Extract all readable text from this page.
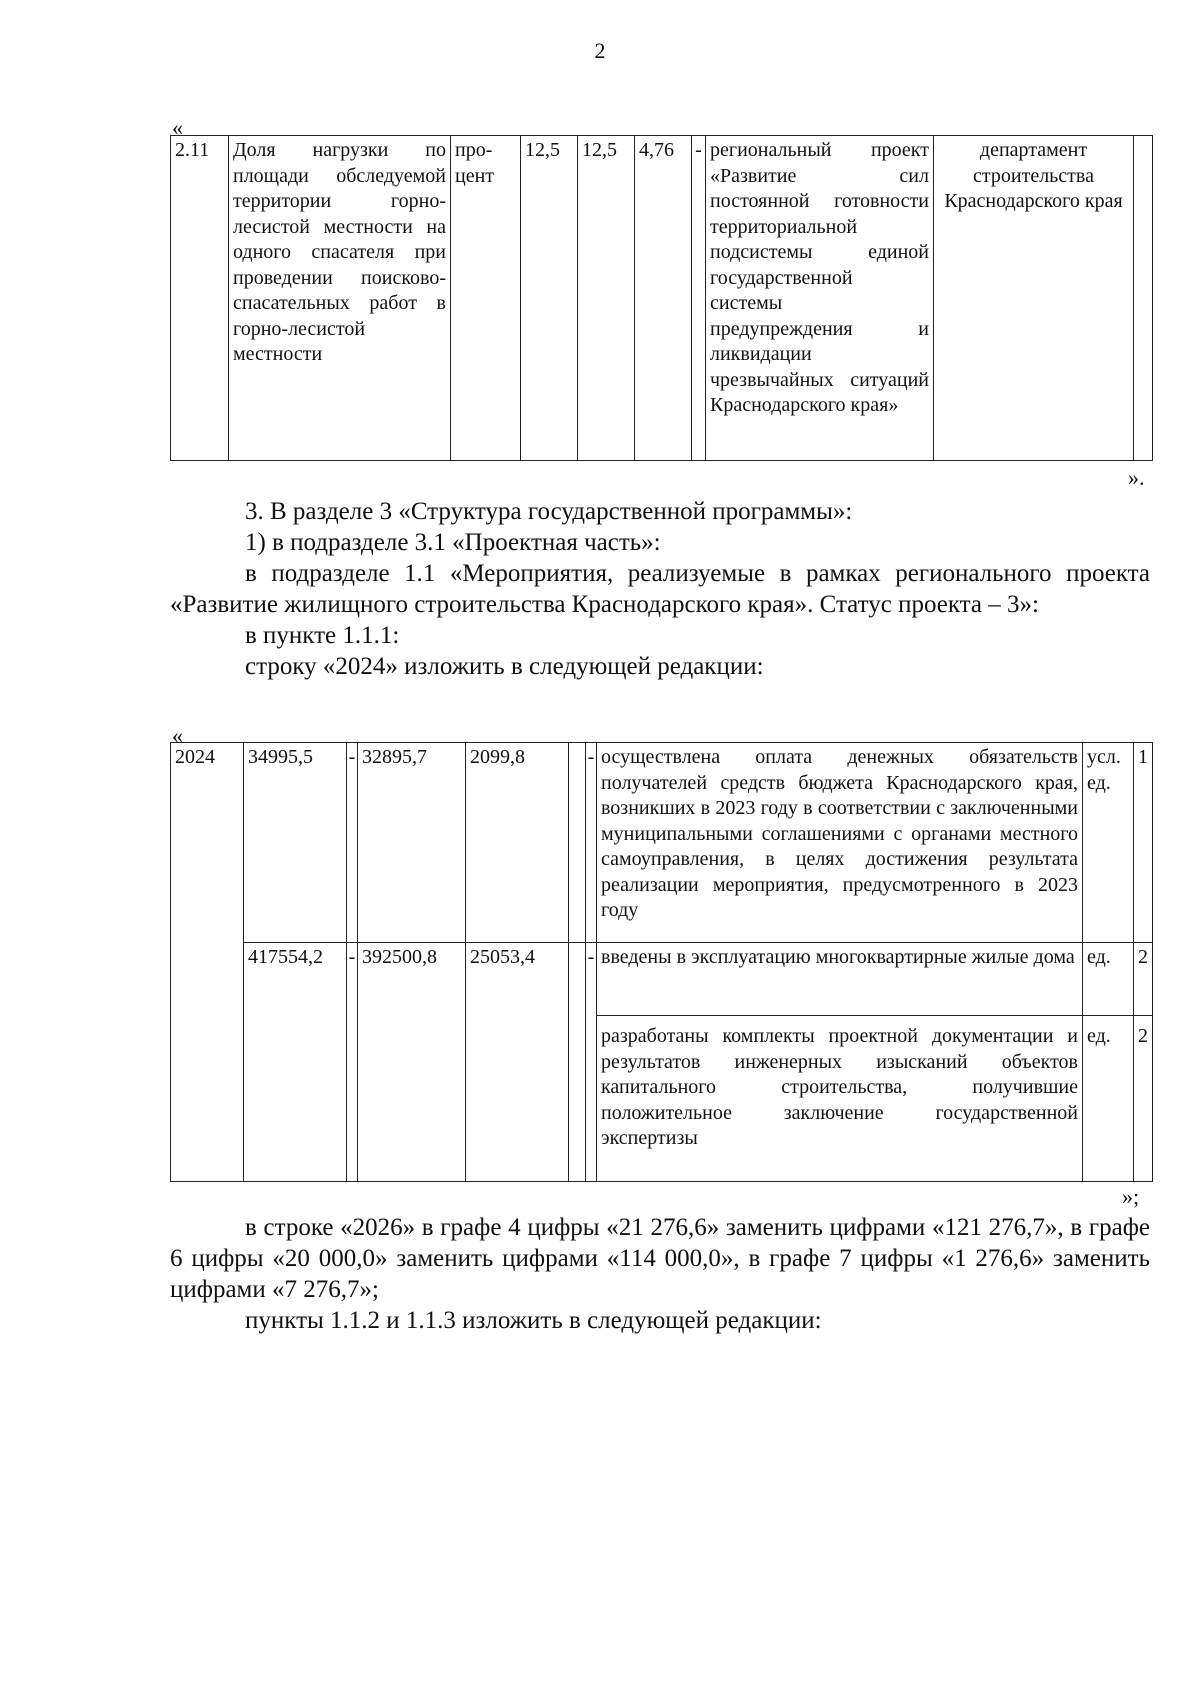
2
«
2.11	Доля нагрузки по площади обследуемой территории горно-лесистой местности на одного спасателя при проведении поисково-спасательных работ в горно-лесистой местности	про-цент	12,5	12,5	4,76	-	региональный проект «Развитие сил постоянной готовности территориальной подсистемы единой государственной системы предупреждения и ликвидации чрезвычайных ситуаций Краснодарского края»	департамент строительства Краснодарского края	
».
3. В разделе 3 «Структура государственной программы»:
1) в подразделе 3.1 «Проектная часть»:
в подразделе 1.1 «Мероприятия, реализуемые в рамках регионального проекта «Развитие жилищного строительства Краснодарского края». Статус проекта – 3»:
в пункте 1.1.1:
строку «2024» изложить в следующей редакции:
«
2024	34995,5	-	32895,7	2099,8		-	осуществлена оплата денежных обязательств получателей средств бюджета Краснодарского края, возникших в 2023 году в соответствии с заключенными муниципальными соглашениями с органами местного самоуправления, в целях достижения результата реализации мероприятия, предусмотренного в 2023 году	усл. ед.	1
	417554,2	-	392500,8	25053,4		-	введены в эксплуатацию многоквартирные жилые дома	ед.	2
							разработаны комплекты проектной документации и результатов инженерных изысканий объектов капитального строительства, получившие положительное заключение государственной экспертизы	ед.	2
»;
в строке «2026» в графе 4 цифры «21 276,6» заменить цифрами «121 276,7», в графе 6 цифры «20 000,0» заменить цифрами «114 000,0», в графе 7 цифры «1 276,6» заменить цифрами «7 276,7»;
пункты 1.1.2 и 1.1.3 изложить в следующей редакции:
